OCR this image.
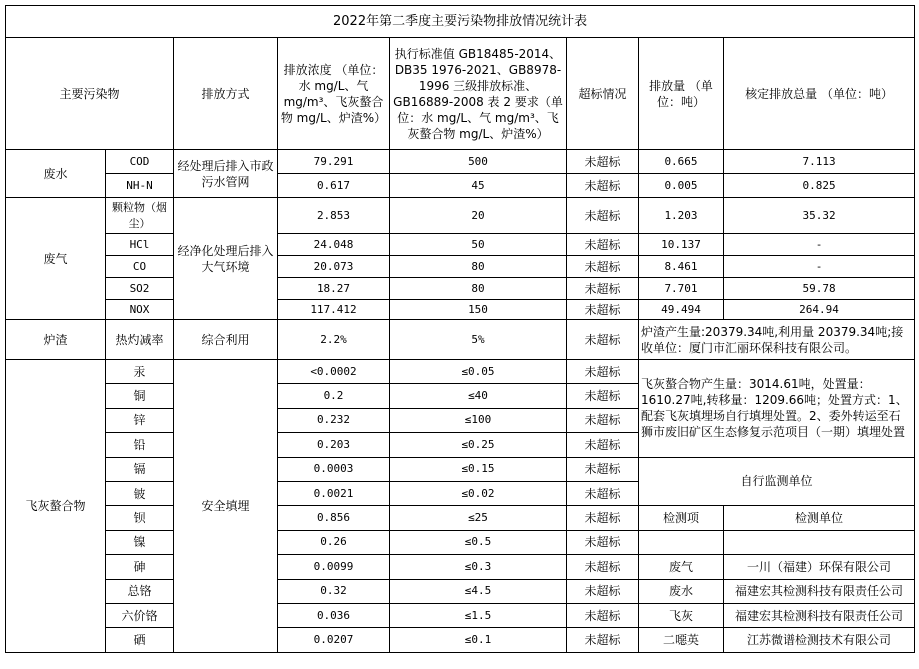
2022年第二季度主要污染物排放情况统计表							
主要污染物		排放方式	排放浓度 （单位：水 mg/L、气 mg/m³、飞灰螯合物 mg/L、炉渣%）	执行标准值 GB18485-2014、DB35 1976-2021、GB8978-1996 三级排放标准、GB16889-2008 表 2 要求（单位：水 mg/L、气 mg/m³、飞灰螯合物 mg/L、炉渣%）	超标情况	排放量 （单位：吨）	核定排放总量 （单位：吨）
废水	COD	经处理后排入市政污水管网	79.291	500	未超标	0.665	7.113
	NH-N		0.617	45	未超标	0.005	0.825
废气	颗粒物（烟尘）	经净化处理后排入大气环境	2.853	20	未超标	1.203	35.32
	HCl		24.048	50	未超标	10.137	-
	CO		20.073	80	未超标	8.461	-
	SO2		18.27	80	未超标	7.701	59.78
	NOX		117.412	150	未超标	49.494	264.94
炉渣	热灼减率	综合利用	2.2%	5%	未超标	炉渣产生量:20379.34吨,利用量 20379.34吨;接收单位：厦门市汇丽环保科技有限公司。	
飞灰螯合物	汞	安全填埋	<0.0002	≤0.05	未超标	飞灰螯合物产生量：3014.61吨，处置量：1610.27吨,转移量：1209.66吨；处置方式：1、配套飞灰填埋场自行填埋处置。2、委外转运至石狮市废旧矿区生态修复示范项目（一期）填埋处置	
	铜		0.2	≤40	未超标		
	锌		0.232	≤100	未超标		
	铅		0.203	≤0.25	未超标		
	镉		0.0003	≤0.15	未超标	自行监测单位	
	铍		0.0021	≤0.02	未超标		
	钡		0.856	≤25	未超标	检测项	检测单位
	镍		0.26	≤0.5	未超标		
	砷		0.0099	≤0.3	未超标	废气	一川（福建）环保有限公司
	总铬		0.32	≤4.5	未超标	废水	福建宏其检测科技有限责任公司
	六价铬		0.036	≤1.5	未超标	飞灰	福建宏其检测科技有限责任公司
	硒		0.0207	≤0.1	未超标	二噁英	江苏微谱检测技术有限公司
